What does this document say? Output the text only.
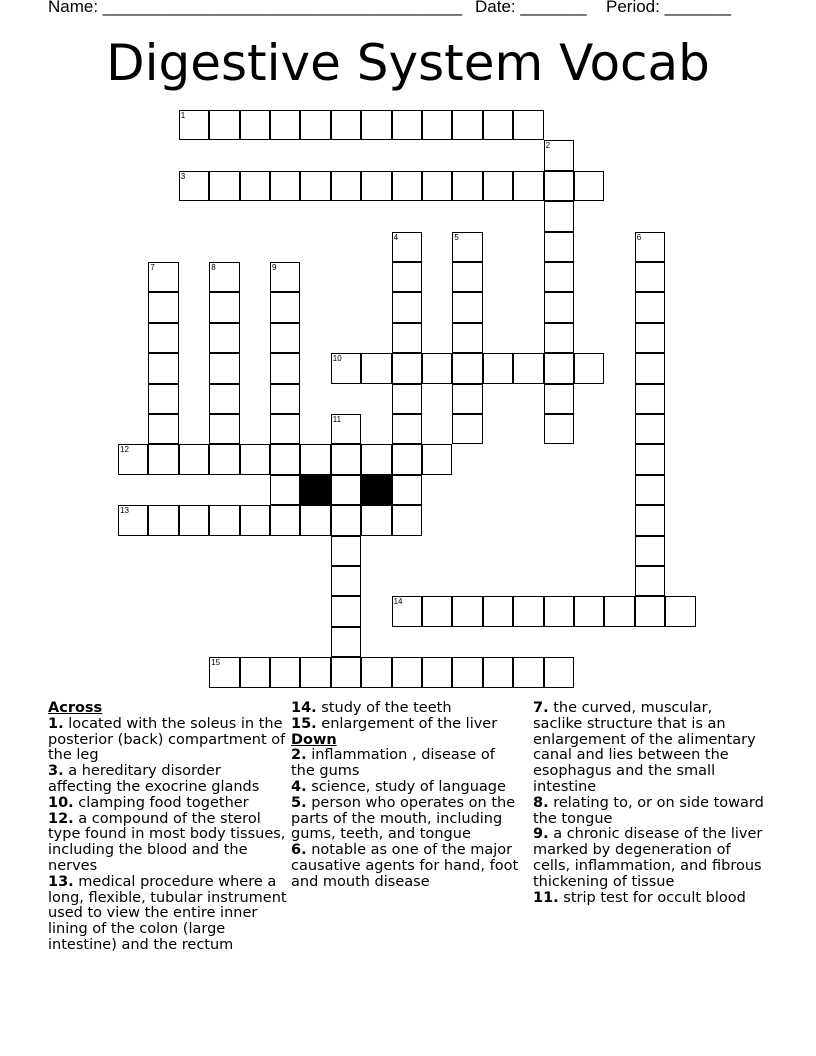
Name: ______________________________________ Date: _______ Period: _______
Digestive System Vocab
1
2
3
4	5	6
7	8	9
10
11
12
13
14
15
Across

1. located with the soleus in the posterior (back) compartment of the leg

3. a hereditary disorder affecting the exocrine glands

10. clamping food together

12. a compound of the sterol type found in most body tissues, including the blood and the nerves

13. medical procedure where a long, flexible, tubular instrument used to view the entire inner lining of the colon (large intestine) and the rectum

14. study of the teeth

15. enlargement of the liver

Down

2. inflammation , disease of the gums

4. science, study of language

5. person who operates on the parts of the mouth, including gums, teeth, and tongue

6. notable as one of the major causative agents for hand, foot and mouth disease

7. the curved, muscular, saclike structure that is an enlargement of the alimentary canal and lies between the esophagus and the small intestine

8. relating to, or on side toward the tongue

9. a chronic disease of the liver marked by degeneration of cells, inflammation, and fibrous thickening of tissue

11. strip test for occult blood
